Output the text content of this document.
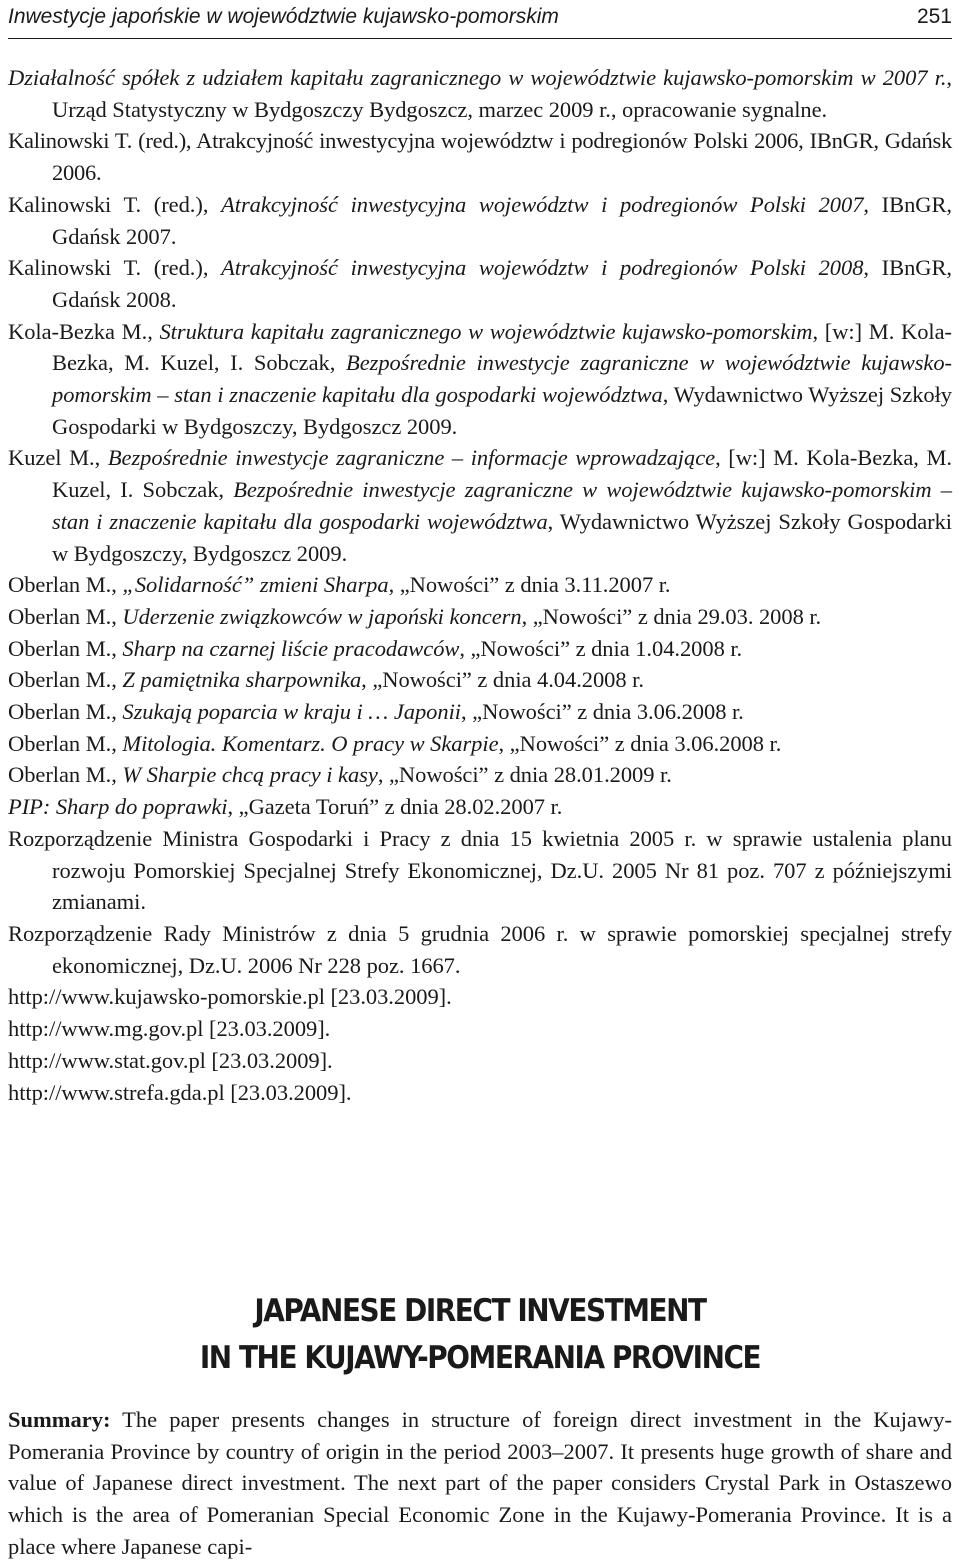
Inwestycje japońskie w województwie kujawsko-pomorskim	251

Działalność spółek z udziałem kapitału zagranicznego w województwie kujawsko-pomorskim w 2007 r., Urząd Statystyczny w Bydgoszczy Bydgoszcz, marzec 2009 r., opracowanie sygnalne.

Kalinowski T. (red.), Atrakcyjność inwestycyjna województw i podregionów Polski 2006, IBnGR, Gdańsk 2006.

Kalinowski T. (red.), Atrakcyjność inwestycyjna województw i podregionów Polski 2007, IBnGR, Gdańsk 2007.

Kalinowski T. (red.), Atrakcyjność inwestycyjna województw i podregionów Polski 2008, IBnGR, Gdańsk 2008.

Kola-Bezka M., Struktura kapitału zagranicznego w województwie kujawsko-pomorskim, [w:] M. Kola-Bezka, M. Kuzel, I. Sobczak, Bezpośrednie inwestycje zagraniczne w województwie kujawsko-pomorskim – stan i znaczenie kapitału dla gospodarki województwa, Wydawnictwo Wyższej Szkoły Gospodarki w Bydgoszczy, Bydgoszcz 2009.

Kuzel M., Bezpośrednie inwestycje zagraniczne – informacje wprowadzające, [w:] M. Kola-Bezka, M. Kuzel, I. Sobczak, Bezpośrednie inwestycje zagraniczne w województwie kujawsko-pomorskim – stan i znaczenie kapitału dla gospodarki województwa, Wydawnictwo Wyższej Szkoły Gospodarki w Bydgoszczy, Bydgoszcz 2009.

Oberlan M., „Solidarność” zmieni Sharpa, „Nowości” z dnia 3.11.2007 r.

Oberlan M., Uderzenie związkowców w japoński koncern, „Nowości” z dnia 29.03. 2008 r.

Oberlan M., Sharp na czarnej liście pracodawców, „Nowości” z dnia 1.04.2008 r.

Oberlan M., Z pamiętnika sharpownika, „Nowości” z dnia 4.04.2008 r.

Oberlan M., Szukają poparcia w kraju i … Japonii, „Nowości” z dnia 3.06.2008 r.

Oberlan M., Mitologia. Komentarz. O pracy w Skarpie, „Nowości” z dnia 3.06.2008 r.

Oberlan M., W Sharpie chcą pracy i kasy, „Nowości” z dnia 28.01.2009 r.

PIP: Sharp do poprawki, „Gazeta Toruń” z dnia 28.02.2007 r.

Rozporządzenie Ministra Gospodarki i Pracy z dnia 15 kwietnia 2005 r. w sprawie ustalenia planu rozwoju Pomorskiej Specjalnej Strefy Ekonomicznej, Dz.U. 2005 Nr 81 poz. 707 z późniejszymi zmianami.

Rozporządzenie Rady Ministrów z dnia 5 grudnia 2006 r. w sprawie pomorskiej specjalnej strefy ekonomicznej, Dz.U. 2006 Nr 228 poz. 1667.

http://www.kujawsko-pomorskie.pl [23.03.2009].

http://www.mg.gov.pl [23.03.2009].

http://www.stat.gov.pl [23.03.2009].

http://www.strefa.gda.pl [23.03.2009].

JAPANESE DIRECT INVESTMENT
IN THE KUJAWY-POMERANIA PROVINCE

Summary: The paper presents changes in structure of foreign direct investment in the Kujawy-Pomerania Province by country of origin in the period 2003–2007. It presents huge growth of share and value of Japanese direct investment. The next part of the paper considers Crystal Park in Ostaszewo which is the area of Pomeranian Special Economic Zone in the Kujawy-Pomerania Province. It is a place where Japanese capi-
